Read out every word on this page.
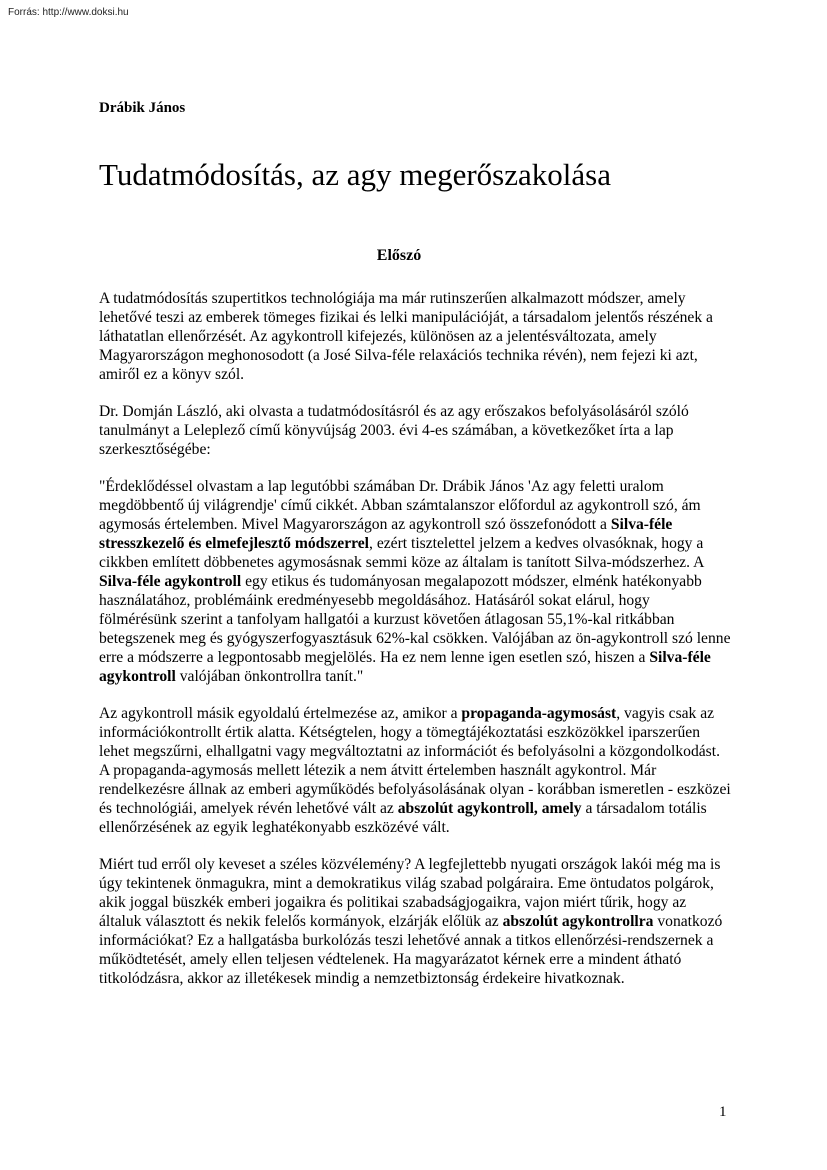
Forrás: http://www.doksi.hu

Drábik János

Tudatmódosítás, az agy megerőszakolása
Előszó

A tudatmódosítás szupertitkos technológiája ma már rutinszerűen alkalmazott módszer, amely lehetővé teszi az emberek tömeges fizikai és lelki manipulációját, a társadalom jelentős részének a láthatatlan ellenőrzését. Az agykontroll kifejezés, különösen az a jelentésváltozata, amely Magyarországon meghonosodott (a José Silva-féle relaxációs technika révén), nem fejezi ki azt, amiről ez a könyv szól.

Dr. Domján László, aki olvasta a tudatmódosításról és az agy erőszakos befolyásolásáról szóló tanulmányt a Leleplező című könyvújság 2003. évi 4-es számában, a következőket írta a lap szerkesztőségébe:

"Érdeklődéssel olvastam a lap legutóbbi számában Dr. Drábik János 'Az agy feletti uralom megdöbbentő új világrendje' című cikkét. Abban számtalanszor előfordul az agykontroll szó, ám agymosás értelemben. Mivel Magyarországon az agykontroll szó összefonódott a Silva-féle stresszkezelő és elmefejlesztő módszerrel, ezért tisztelettel jelzem a kedves olvasóknak, hogy a cikkben említett döbbenetes agymosásnak semmi köze az általam is tanított Silva-módszerhez. A Silva-féle agykontroll egy etikus és tudományosan megalapozott módszer, elménk hatékonyabb használatához, problémáink eredményesebb megoldásához. Hatásáról sokat elárul, hogy fölmérésünk szerint a tanfolyam hallgatói a kurzust követően átlagosan 55,1%-kal ritkábban betegszenek meg és gyógyszerfogyasztásuk 62%-kal csökken. Valójában az ön-agykontroll szó lenne erre a módszerre a legpontosabb megjelölés. Ha ez nem lenne igen esetlen szó, hiszen a Silva-féle agykontroll valójában önkontrollra tanít."

Az agykontroll másik egyoldalú értelmezése az, amikor a propaganda-agymosást, vagyis csak az információkontrollt értik alatta. Kétségtelen, hogy a tömegtájékoztatási eszközökkel iparszerűen lehet megszűrni, elhallgatni vagy megváltoztatni az információt és befolyásolni a közgondolkodást. A propaganda-agymosás mellett létezik a nem átvitt értelemben használt agykontrol. Már rendelkezésre állnak az emberi agyműködés befolyásolásának olyan - korábban ismeretlen - eszközei és technológiái, amelyek révén lehetővé vált az abszolút agykontroll, amely a társadalom totális ellenőrzésének az egyik leghatékonyabb eszközévé vált.

Miért tud erről oly keveset a széles közvélemény? A legfejlettebb nyugati országok lakói még ma is úgy tekintenek önmagukra, mint a demokratikus világ szabad polgáraira. Eme öntudatos polgárok, akik joggal büszkék emberi jogaikra és politikai szabadságjogaikra, vajon miért tűrik, hogy az általuk választott és nekik felelős kormányok, elzárják előlük az abszolút agykontrollra vonatkozó információkat? Ez a hallgatásba burkolózás teszi lehetővé annak a titkos ellenőrzési-rendszernek a működtetését, amely ellen teljesen védtelenek. Ha magyarázatot kérnek erre a mindent átható titkolódzásra, akkor az illetékesek mindig a nemzetbiztonság érdekeire hivatkoznak.

1
